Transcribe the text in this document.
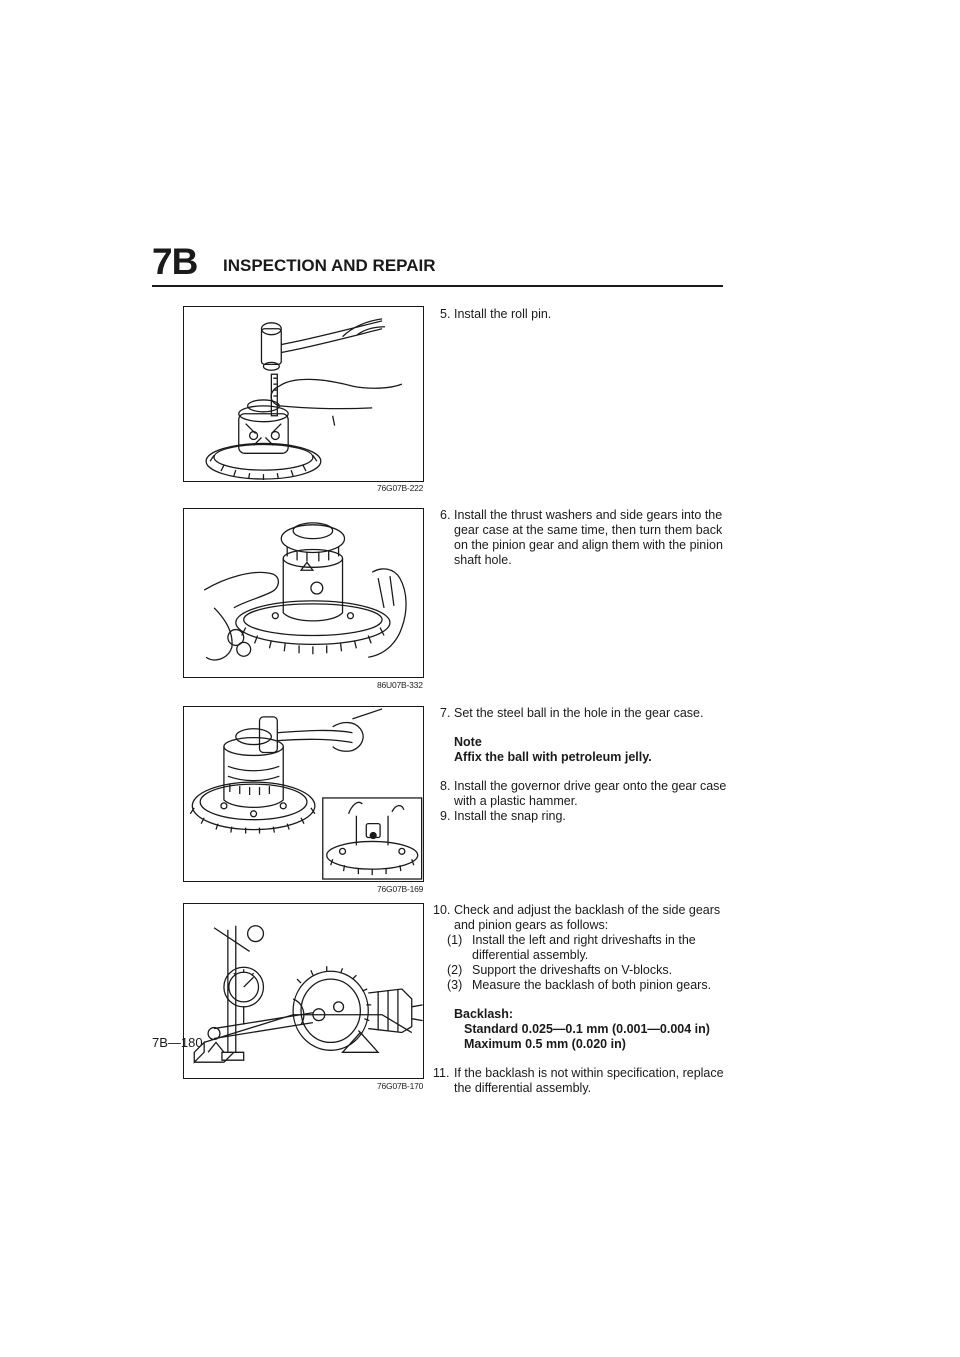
7B INSPECTION AND REPAIR
76G07B-222
86U07B-332
76G07B-169
76G07B-170
5. Install the roll pin.
6. Install the thrust washers and side gears into the gear case at the same time, then turn them back on the pinion gear and align them with the pinion shaft hole.
7. Set the steel ball in the hole in the gear case.
Note
Affix the ball with petroleum jelly.
8. Install the governor drive gear onto the gear case with a plastic hammer.
9. Install the snap ring.
10. Check and adjust the backlash of the side gears and pinion gears as follows:
(1) Install the left and right driveshafts in the differential assembly.
(2) Support the driveshafts on V-blocks.
(3) Measure the backlash of both pinion gears.
Backlash:
Standard 0.025—0.1 mm (0.001—0.004 in)
Maximum 0.5 mm (0.020 in)
11. If the backlash is not within specification, replace the differential assembly.
7B—180
